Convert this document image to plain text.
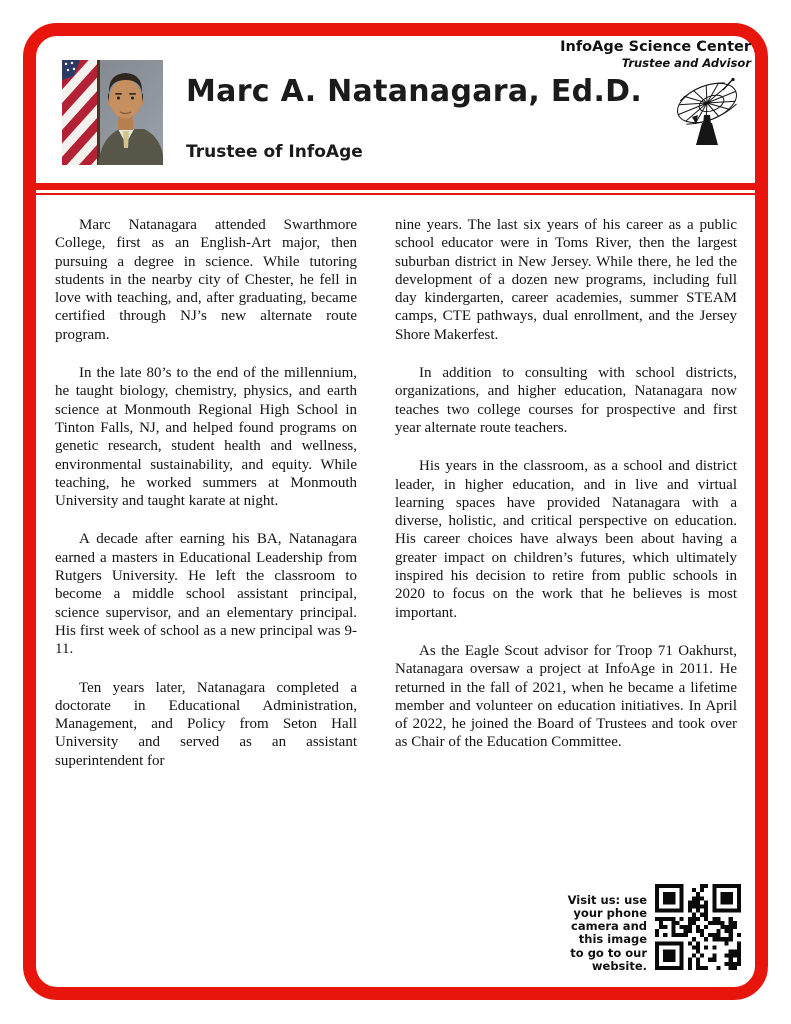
Marc A. Natanagara, Ed.D.
Trustee of InfoAge
InfoAge Science Center
Trustee and Advisor

Marc Natanagara attended Swarthmore College, first as an English-Art major, then pursuing a degree in science. While tutoring students in the nearby city of Chester, he fell in love with teaching, and, after graduating, became certified through NJ’s new alternate route program.

In the late 80’s to the end of the millennium, he taught biology, chemistry, physics, and earth science at Monmouth Regional High School in Tinton Falls, NJ, and helped found programs on genetic research, student health and wellness, environmental sustainability, and equity. While teaching, he worked summers at Monmouth University and taught karate at night.

A decade after earning his BA, Natanagara earned a masters in Educational Leadership from Rutgers University. He left the classroom to become a middle school assistant principal, science supervisor, and an elementary principal. His first week of school as a new principal was 9-11.

Ten years later, Natanagara completed a doctorate in Educational Administration, Management, and Policy from Seton Hall University and served as an assistant superintendent for

nine years. The last six years of his career as a public school educator were in Toms River, then the largest suburban district in New Jersey. While there, he led the development of a dozen new programs, including full day kindergarten, career academies, summer STEAM camps, CTE pathways, dual enrollment, and the Jersey Shore Makerfest.

In addition to consulting with school districts, organizations, and higher education, Natanagara now teaches two college courses for prospective and first year alternate route teachers.

His years in the classroom, as a school and district leader, in higher education, and in live and virtual learning spaces have provided Natanagara with a diverse, holistic, and critical perspective on education. His career choices have always been about having a greater impact on children’s futures, which ultimately inspired his decision to retire from public schools in 2020 to focus on the work that he believes is most important.

As the Eagle Scout advisor for Troop 71 Oakhurst, Natanagara oversaw a project at InfoAge in 2011. He returned in the fall of 2021, when he became a lifetime member and volunteer on education initiatives. In April of 2022, he joined the Board of Trustees and took over as Chair of the Education Committee.

Visit us: use
your phone
camera and
this image
to go to our
website.
